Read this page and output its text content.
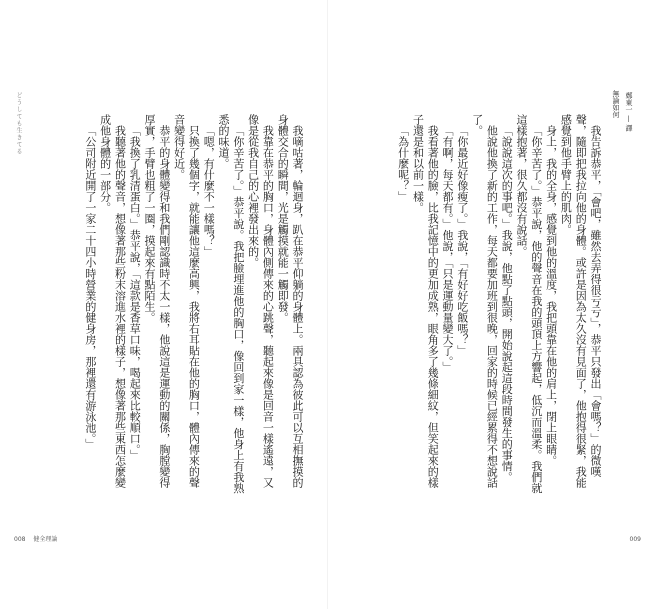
どうしても生きてる

我嘀咕著，輪迴身，趴在恭平仰躺的身體上。兩具認為彼此可以互相撫摸的身體交合的瞬間，光是觸摸就能一觸即發。

我靠在恭平的胸口，身體內側傳來的心跳聲，聽起來像是回音一樣遙遠，又像是從我自己的心裡發出來的。

「你辛苦了。」恭平說。我把臉埋進他的胸口，像回到家一樣，他身上有我熟悉的味道。

「嗯，有什麼不一樣嗎？」

只換了幾個字，就能讓他這麼高興，我將右耳貼在他的胸口，體內傳來的聲音變得好近。

恭平的身體變得和我們剛認識時不太一樣，他說這是運動的關係，胸膛變得厚實，手臂也粗了一圈，摸起來有點陌生。

「我換了乳清蛋白。」恭平說，「這款是香草口味，喝起來比較順口。」

我聽著他的聲音，想像著那些粉末溶進水裡的樣子，想像著那些東西怎麼變成他身體的一部分。

「公司附近開了一家二十四小時營業的健身房，那裡還有游泳池。」

008 健全理論

我告訴恭平，「會吧，雖然去弄得很亏亏」，恭平只發出「會嗎？」的微嘆聲，隨即把我拉向他的身體。或許是因為太久沒有見面了，他抱得很緊，我能感覺到他手臂上的肌肉。

身上，我的全身，感覺到他的溫度，我把頭靠在他的肩上，閉上眼睛。

「你辛苦了。」恭平說，他的聲音在我的頭頂上方響起，低沉而溫柔。我們就這樣抱著，很久都沒有說話。

「說說這次的事吧。」我說，他點了點頭，開始說起這段時間發生的事情。

他說他換了新的工作，每天都要加班到很晚，回家的時候已經累得不想說話了。

「你最近好像瘦了。」我說，「有好好吃飯嗎？」

「有啊，每天都有。」他說，「只是運動量變大了。」

我看著他的臉，比我記憶中的更加成熟，眼角多了幾條細紋，但笑起來的樣子還是和以前一樣。

「為什麼呢？」

無論如何 鄭東一 — 譯
009
